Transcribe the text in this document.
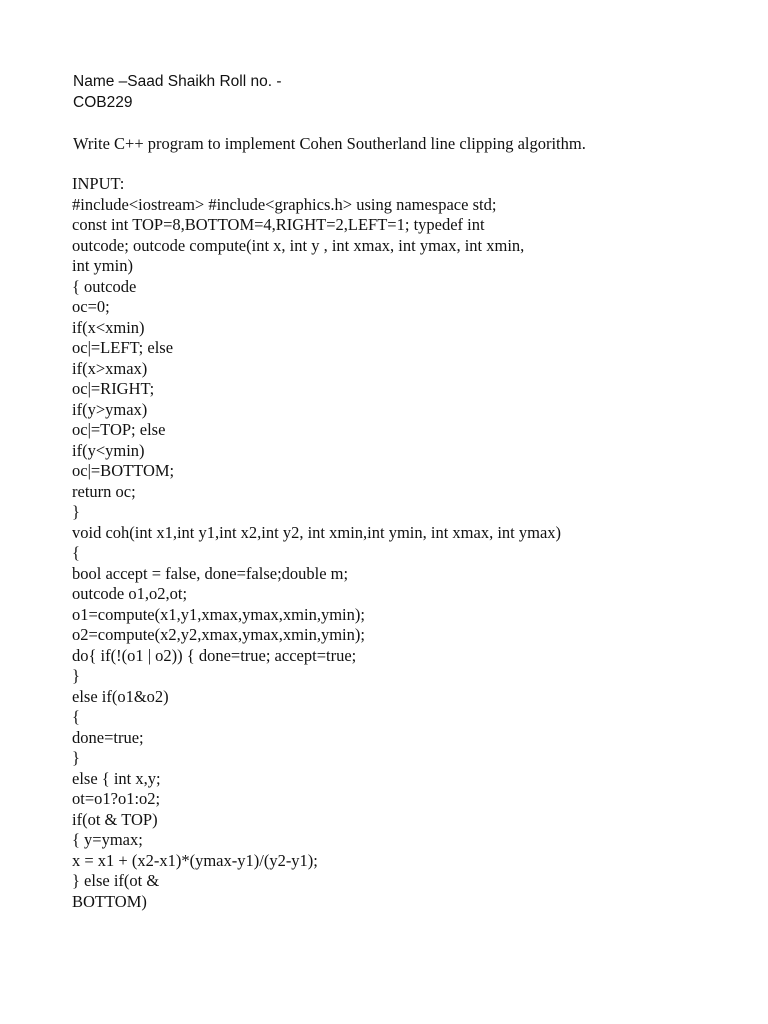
Name –Saad Shaikh Roll no. -
COB229
Write C++ program to implement Cohen Southerland line clipping algorithm.
INPUT:
#include<iostream> #include<graphics.h> using namespace std;
const int TOP=8,BOTTOM=4,RIGHT=2,LEFT=1; typedef int
outcode; outcode compute(int x, int y , int xmax, int ymax, int xmin,
int ymin)
{ outcode
oc=0;
if(x<xmin)
oc|=LEFT; else
if(x>xmax)
oc|=RIGHT;
if(y>ymax)
oc|=TOP; else
if(y<ymin)
oc|=BOTTOM;
return oc;
}
void coh(int x1,int y1,int x2,int y2, int xmin,int ymin, int xmax, int ymax)
{
bool accept = false, done=false;double m;
outcode o1,o2,ot;
o1=compute(x1,y1,xmax,ymax,xmin,ymin);
o2=compute(x2,y2,xmax,ymax,xmin,ymin);
do{ if(!(o1 | o2)) { done=true; accept=true;
}
else if(o1&o2)
{
done=true;
}
else { int x,y;
ot=o1?o1:o2;
if(ot & TOP)
{ y=ymax;
x = x1 + (x2-x1)*(ymax-y1)/(y2-y1);
} else if(ot &
BOTTOM)
